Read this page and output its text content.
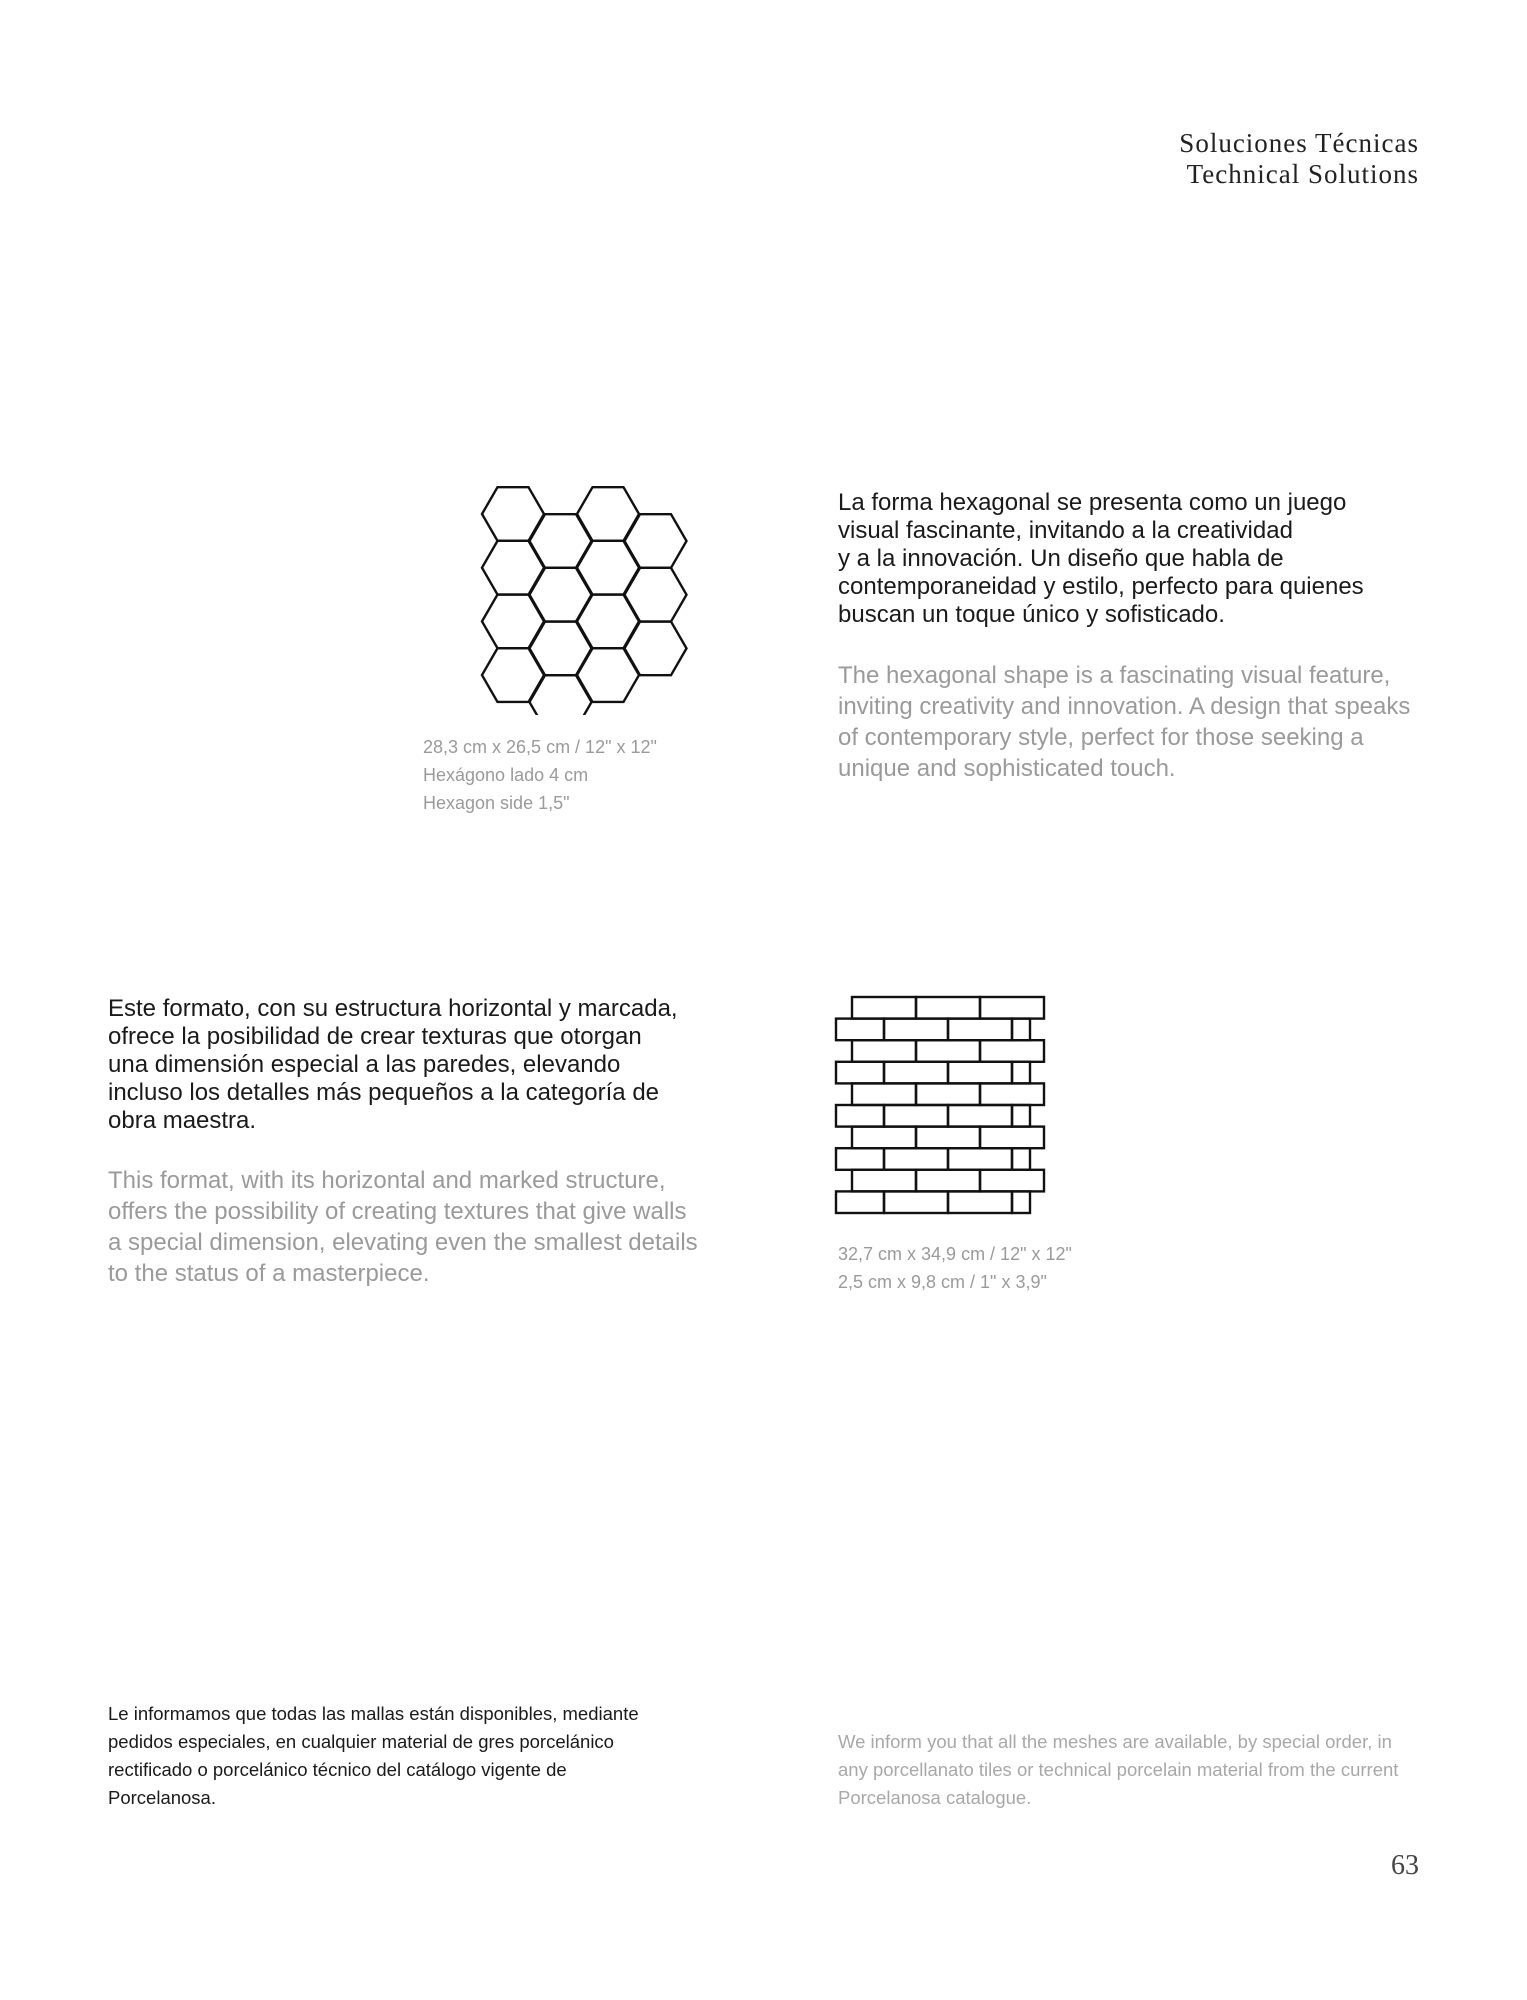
Soluciones Técnicas
Technical Solutions
28,3 cm x 26,5 cm / 12" x 12"
Hexágono lado 4 cm
Hexagon side 1,5"
La forma hexagonal se presenta como un juego
visual fascinante, invitando a la creatividad
y a la innovación. Un diseño que habla de
contemporaneidad y estilo, perfecto para quienes
buscan un toque único y sofisticado.
The hexagonal shape is a fascinating visual feature,
inviting creativity and innovation. A design that speaks
of contemporary style, perfect for those seeking a
unique and sophisticated touch.
Este formato, con su estructura horizontal y marcada,
ofrece la posibilidad de crear texturas que otorgan
una dimensión especial a las paredes, elevando
incluso los detalles más pequeños a la categoría de
obra maestra.
This format, with its horizontal and marked structure,
offers the possibility of creating textures that give walls
a special dimension, elevating even the smallest details
to the status of a masterpiece.
32,7 cm x 34,9 cm / 12" x 12"
2,5 cm x 9,8 cm / 1" x 3,9"
Le informamos que todas las mallas están disponibles, mediante
pedidos especiales, en cualquier material de gres porcelánico
rectificado o porcelánico técnico del catálogo vigente de
Porcelanosa.
We inform you that all the meshes are available, by special order, in
any porcellanato tiles or technical porcelain material from the current
Porcelanosa catalogue.
63
